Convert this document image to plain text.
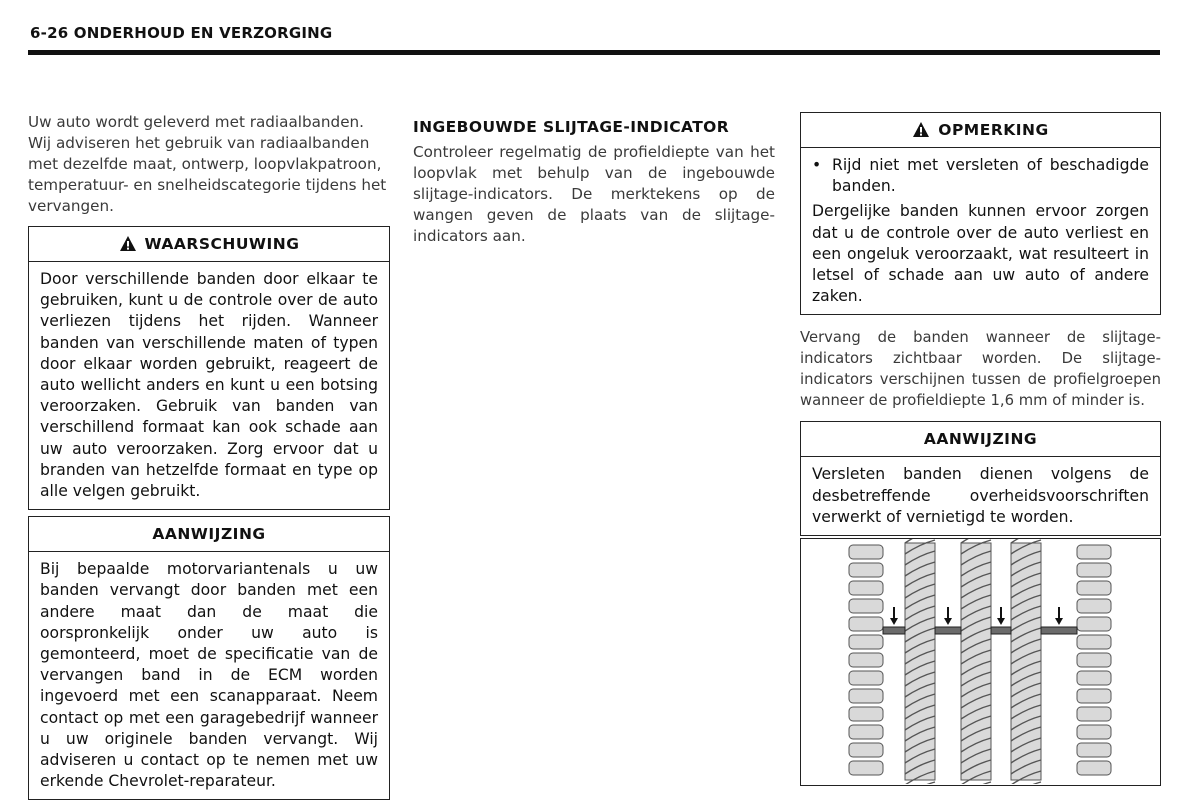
6-26 ONDERHOUD EN VERZORGING

Uw auto wordt geleverd met radiaalbanden. Wij adviseren het gebruik van radiaalbanden met dezelfde maat, ontwerp, loopvlakpatroon, temperatuur- en snelheidscategorie tijdens het vervangen.

WAARSCHUWING

Door verschillende banden door elkaar te gebruiken, kunt u de controle over de auto verliezen tijdens het rijden. Wanneer banden van verschillende maten of typen door elkaar worden gebruikt, reageert de auto wellicht anders en kunt u een botsing veroorzaken. Gebruik van banden van verschillend formaat kan ook schade aan uw auto veroorzaken. Zorg ervoor dat u branden van hetzelfde formaat en type op alle velgen gebruikt.

AANWIJZING

Bij bepaalde motorvariantenals u uw banden vervangt door banden met een andere maat dan de maat die oorspronkelijk onder uw auto is gemonteerd, moet de specificatie van de vervangen band in de ECM worden ingevoerd met een scanapparaat. Neem contact op met een garagebedrijf wanneer u uw originele banden vervangt. Wij adviseren u contact op te nemen met uw erkende Chevrolet-reparateur.

INGEBOUWDE SLIJTAGE-INDICATOR

Controleer regelmatig de profieldiepte van het loopvlak met behulp van de ingebouwde slijtage-indicators. De merktekens op de wangen geven de plaats van de slijtage-indicators aan.

OPMERKING
• Rijd niet met versleten of beschadigde banden.

Dergelijke banden kunnen ervoor zorgen dat u de controle over de auto verliest en een ongeluk veroorzaakt, wat resulteert in letsel of schade aan uw auto of andere zaken.

Vervang de banden wanneer de slijtage-indicators zichtbaar worden. De slijtage-indicators verschijnen tussen de profielgroepen wanneer de profieldiepte 1,6 mm of minder is.

AANWIJZING

Versleten banden dienen volgens de desbetreffende overheidsvoorschriften verwerkt of vernietigd te worden.
